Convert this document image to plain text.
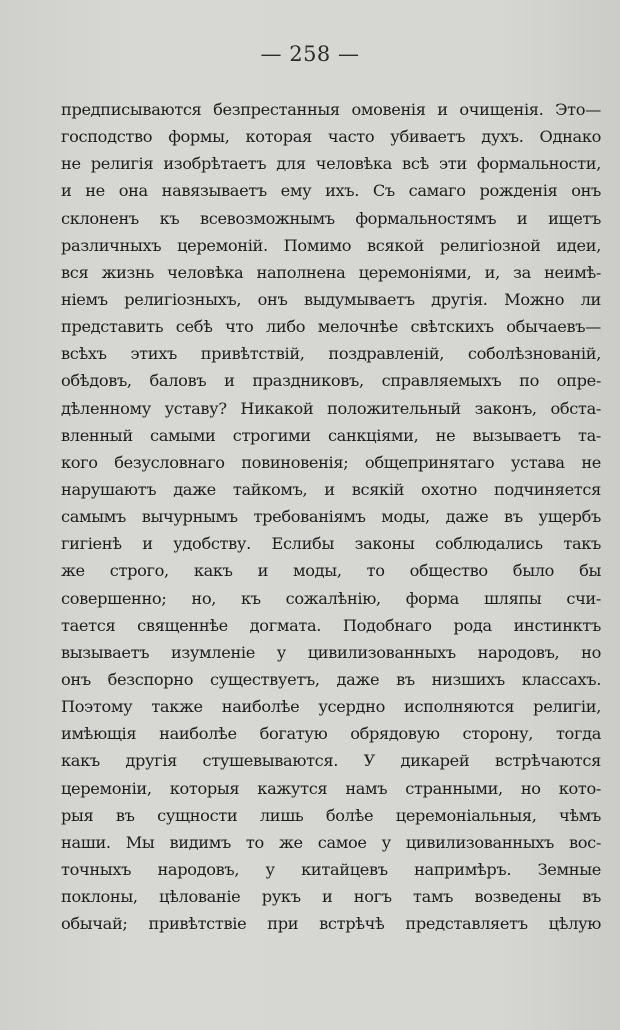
— 258 —
предписываются безпрестанныя омовенія и очищенія. Это—
господство формы, которая часто убиваетъ духъ. Однако
не религія изобрѣтаетъ для человѣка всѣ эти формальности,
и не она навязываетъ ему ихъ. Съ самаго рожденія онъ
склоненъ къ всевозможнымъ формальностямъ и ищетъ
различныхъ церемоній. Помимо всякой религіозной идеи,
вся жизнь человѣка наполнена церемоніями, и, за неимѣ-
ніемъ религіозныхъ, онъ выдумываетъ другія. Можно ли
представить себѣ что либо мелочнѣе свѣтскихъ обычаевъ—
всѣхъ этихъ привѣтствій, поздравленій, соболѣзнованій,
обѣдовъ, баловъ и праздниковъ, справляемыхъ по опре-
дѣленному уставу? Никакой положительный законъ, обста-
вленный самыми строгими санкціями, не вызываетъ та-
кого безусловнаго повиновенія; общепринятаго устава не
нарушаютъ даже тайкомъ, и всякій охотно подчиняется
самымъ вычурнымъ требованіямъ моды, даже въ ущербъ
гигіенѣ и удобству. Еслибы законы соблюдались такъ
же строго, какъ и моды, то общество было бы
совершенно; но, къ сожалѣнію, форма шляпы счи-
тается священнѣе догмата. Подобнаго рода инстинктъ
вызываетъ изумленіе у цивилизованныхъ народовъ, но
онъ безспорно существуетъ, даже въ низшихъ классахъ.
Поэтому также наиболѣе усердно исполняются религіи,
имѣющія наиболѣе богатую обрядовую сторону, тогда
какъ другія стушевываются. У дикарей встрѣчаются
церемоніи, которыя кажутся намъ странными, но кото-
рыя въ сущности лишь болѣе церемоніальныя, чѣмъ
наши. Мы видимъ то же самое у цивилизованныхъ вос-
точныхъ народовъ, у китайцевъ напримѣръ. Земные
поклоны, цѣлованіе рукъ и ногъ тамъ возведены въ
обычай; привѣтствіе при встрѣчѣ представляетъ цѣлую
